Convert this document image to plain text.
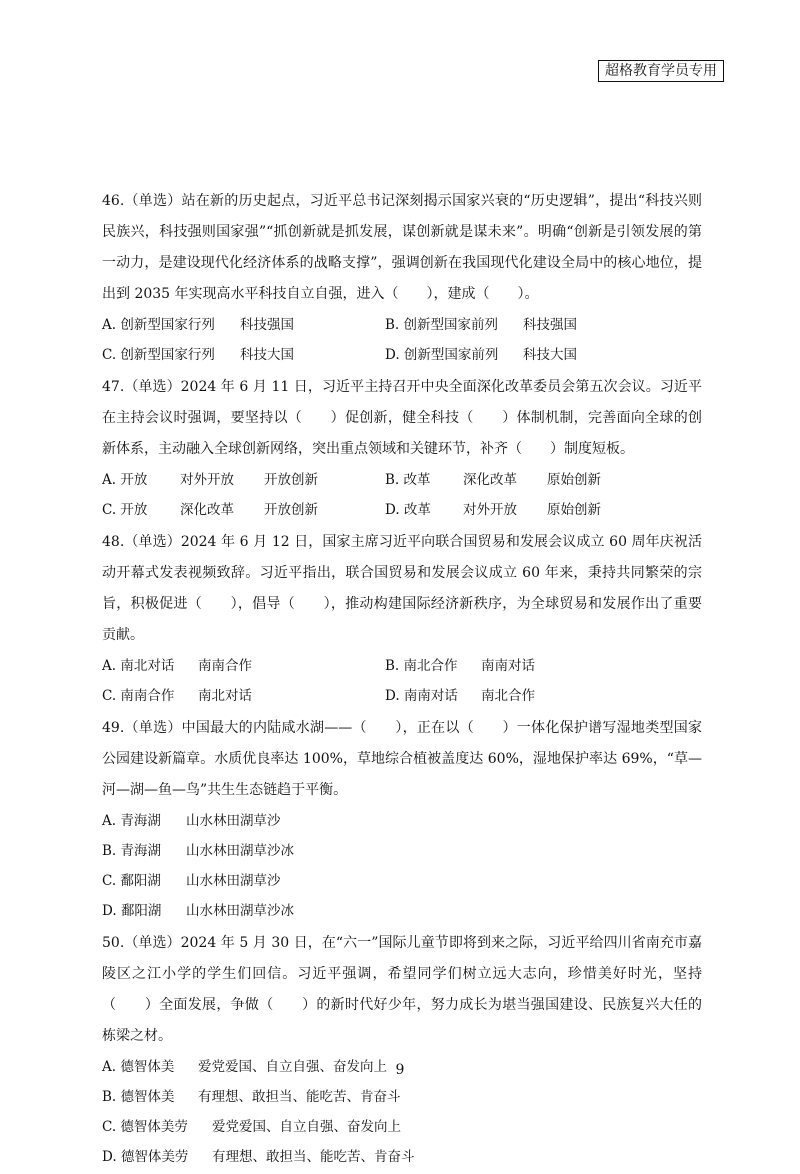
超格教育学员专用

46.（单选）站在新的历史起点，习近平总书记深刻揭示国家兴衰的“历史逻辑”，提出“科技兴则民族兴，科技强则国家强”“抓创新就是抓发展，谋创新就是谋未来”。明确“创新是引领发展的第一动力，是建设现代化经济体系的战略支撑”，强调创新在我国现代化建设全局中的核心地位，提出到 2035 年实现高水平科技自立自强，进入（　　），建成（　　）。

A. 创新型国家行列 科技强国	B. 创新型国家前列 科技强国
C. 创新型国家行列 科技大国	D. 创新型国家前列 科技大国

47.（单选）2024 年 6 月 11 日，习近平主持召开中央全面深化改革委员会第五次会议。习近平在主持会议时强调，要坚持以（　　）促创新，健全科技（　　）体制机制，完善面向全球的创新体系，主动融入全球创新网络，突出重点领域和关键环节，补齐（　　）制度短板。

A. 开放 对外开放 开放创新	B. 改革 深化改革 原始创新
C. 开放 深化改革 开放创新	D. 改革 对外开放 原始创新

48.（单选）2024 年 6 月 12 日，国家主席习近平向联合国贸易和发展会议成立 60 周年庆祝活动开幕式发表视频致辞。习近平指出，联合国贸易和发展会议成立 60 年来，秉持共同繁荣的宗旨，积极促进（　　），倡导（　　），推动构建国际经济新秩序，为全球贸易和发展作出了重要贡献。

A. 南北对话 南南合作	B. 南北合作 南南对话
C. 南南合作 南北对话	D. 南南对话 南北合作

49.（单选）中国最大的内陆咸水湖——（　　），正在以（　　）一体化保护谱写湿地类型国家公园建设新篇章。水质优良率达 100%，草地综合植被盖度达 60%，湿地保护率达 69%，“草—河—湖—鱼—鸟”共生生态链趋于平衡。

A. 青海湖 山水林田湖草沙
B. 青海湖 山水林田湖草沙冰
C. 鄱阳湖 山水林田湖草沙
D. 鄱阳湖 山水林田湖草沙冰

50.（单选）2024 年 5 月 30 日，在“六一”国际儿童节即将到来之际，习近平给四川省南充市嘉陵区之江小学的学生们回信。习近平强调，希望同学们树立远大志向，珍惜美好时光，坚持（　　）全面发展，争做（　　）的新时代好少年，努力成长为堪当强国建设、民族复兴大任的栋梁之材。

A. 德智体美 爱党爱国、自立自强、奋发向上
B. 德智体美 有理想、敢担当、能吃苦、肯奋斗
C. 德智体美劳 爱党爱国、自立自强、奋发向上
D. 德智体美劳 有理想、敢担当、能吃苦、肯奋斗
9
